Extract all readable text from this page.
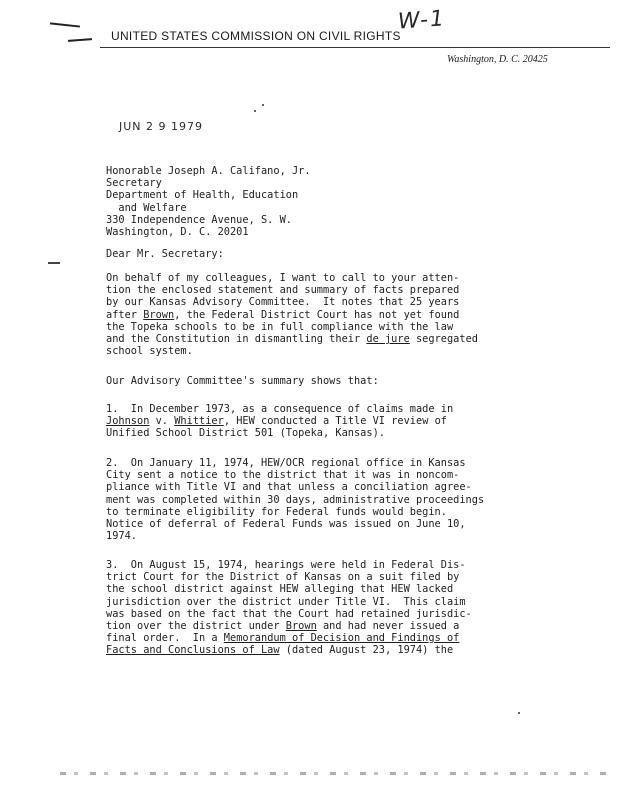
UNITED STATES COMMISSION ON CIVIL RIGHTS
Washington, D. C. 20425
W-1
JUN 2 9 1979
Honorable Joseph A. Califano, Jr.
Secretary
Department of Health, Education
and Welfare
330 Independence Avenue, S. W.
Washington, D. C. 20201
Dear Mr. Secretary:
On behalf of my colleagues, I want to call to your atten-
tion the enclosed statement and summary of facts prepared
by our Kansas Advisory Committee.  It notes that 25 years
after Brown, the Federal District Court has not yet found
the Topeka schools to be in full compliance with the law
and the Constitution in dismantling their de jure segregated
school system.
Our Advisory Committee's summary shows that:
1.  In December 1973, as a consequence of claims made in
Johnson v. Whittier, HEW conducted a Title VI review of
Unified School District 501 (Topeka, Kansas).
2.  On January 11, 1974, HEW/OCR regional office in Kansas
City sent a notice to the district that it was in noncom-
pliance with Title VI and that unless a conciliation agree-
ment was completed within 30 days, administrative proceedings
to terminate eligibility for Federal funds would begin.
Notice of deferral of Federal Funds was issued on June 10,
1974.
3.  On August 15, 1974, hearings were held in Federal Dis-
trict Court for the District of Kansas on a suit filed by
the school district against HEW alleging that HEW lacked
jurisdiction over the district under Title VI.  This claim
was based on the fact that the Court had retained jurisdic-
tion over the district under Brown and had never issued a
final order.  In a Memorandum of Decision and Findings of
Facts and Conclusions of Law (dated August 23, 1974) the
